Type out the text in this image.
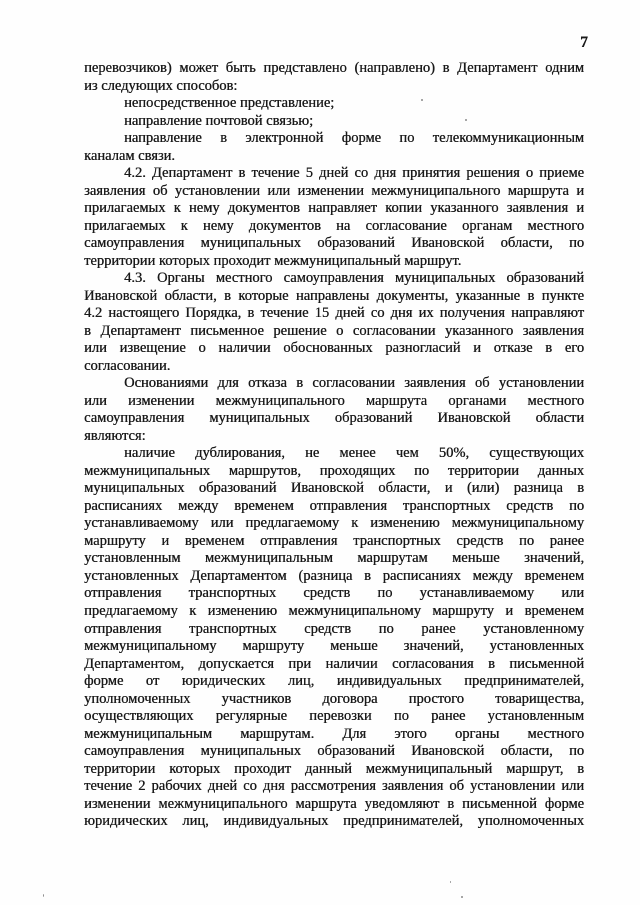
7
перевозчиков) может быть представлено (направлено) в Департамент одним
из следующих способов:
непосредственное представление;
направление почтовой связью;
направление в электронной форме по телекоммуникационным
каналам связи.
4.2. Департамент в течение 5 дней со дня принятия решения о приеме
заявления об установлении или изменении межмуниципального маршрута и
прилагаемых к нему документов направляет копии указанного заявления и
прилагаемых к нему документов на согласование органам местного
самоуправления муниципальных образований Ивановской области, по
территории которых проходит межмуниципальный маршрут.
4.3. Органы местного самоуправления муниципальных образований
Ивановской области, в которые направлены документы, указанные в пункте
4.2 настоящего Порядка, в течение 15 дней со дня их получения направляют
в Департамент письменное решение о согласовании указанного заявления
или извещение о наличии обоснованных разногласий и отказе в его
согласовании.
Основаниями для отказа в согласовании заявления об установлении
или изменении межмуниципального маршрута органами местного
самоуправления муниципальных образований Ивановской области
являются:
наличие дублирования, не менее чем 50%, существующих
межмуниципальных маршрутов, проходящих по территории данных
муниципальных образований Ивановской области, и (или) разница в
расписаниях между временем отправления транспортных средств по
устанавливаемому или предлагаемому к изменению межмуниципальному
маршруту и временем отправления транспортных средств по ранее
установленным межмуниципальным маршрутам меньше значений,
установленных Департаментом (разница в расписаниях между временем
отправления транспортных средств по устанавливаемому или
предлагаемому к изменению межмуниципальному маршруту и временем
отправления транспортных средств по ранее установленному
межмуниципальному маршруту меньше значений, установленных
Департаментом, допускается при наличии согласования в письменной
форме от юридических лиц, индивидуальных предпринимателей,
уполномоченных участников договора простого товарищества,
осуществляющих регулярные перевозки по ранее установленным
межмуниципальным маршрутам. Для этого органы местного
самоуправления муниципальных образований Ивановской области, по
территории которых проходит данный межмуниципальный маршрут, в
течение 2 рабочих дней со дня рассмотрения заявления об установлении или
изменении межмуниципального маршрута уведомляют в письменной форме
юридических лиц, индивидуальных предпринимателей, уполномоченных
